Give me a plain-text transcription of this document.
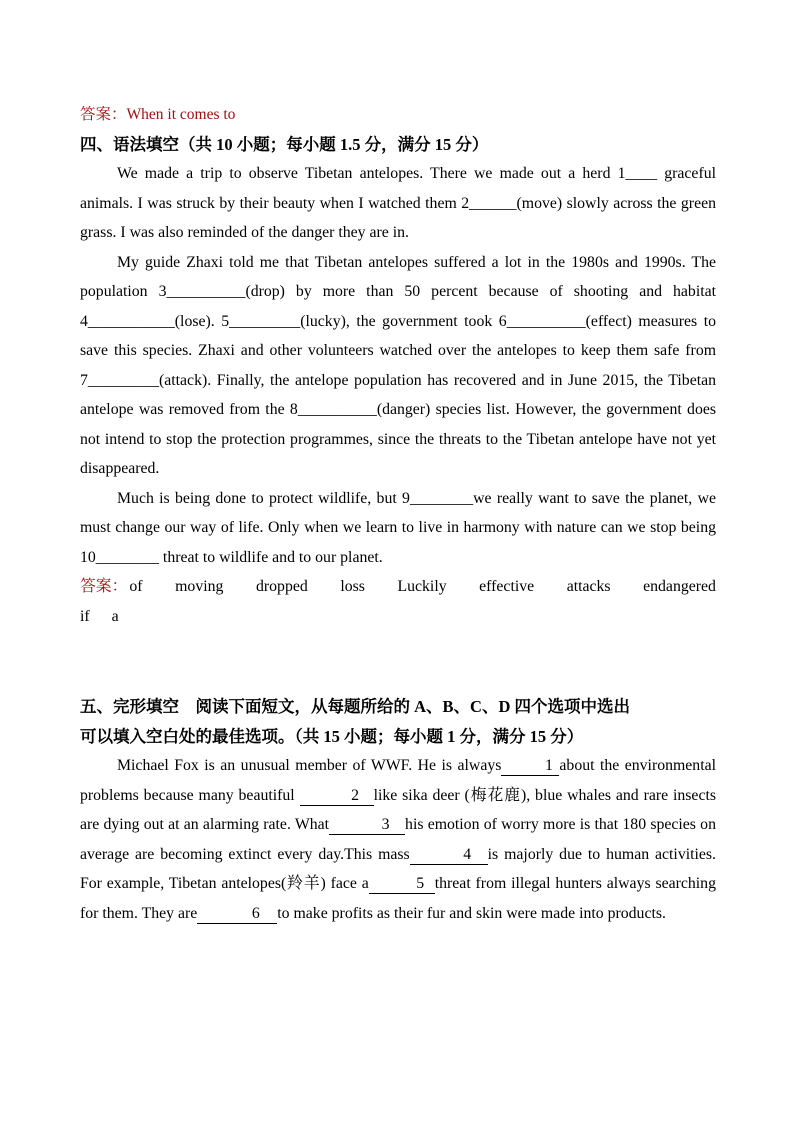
答案：When it comes to
四、语法填空（共 10 小题；每小题 1.5 分，满分 15 分）

We made a trip to observe Tibetan antelopes. There we made out a herd 1____ graceful animals. I was struck by their beauty when I watched them 2______(move) slowly across the green grass. I was also reminded of the danger they are in.

My guide Zhaxi told me that Tibetan antelopes suffered a lot in the 1980s and 1990s. The population 3__________(drop) by more than 50 percent because of shooting and habitat 4___________(lose). 5_________(lucky), the government took 6__________(effect) measures to save this species. Zhaxi and other volunteers watched over the antelopes to keep them safe from 7_________(attack). Finally, the antelope population has recovered and in June 2015, the Tibetan antelope was removed from the 8__________(danger) species list. However, the government does not intend to stop the protection programmes, since the threats to the Tibetan antelope have not yet disappeared.

Much is being done to protect wildlife, but 9________we really want to save the planet, we must change our way of life. Only when we learn to live in harmony with nature can we stop being 10________ threat to wildlife and to our planet.

答案： of moving dropped loss Luckily effective attacks endangered
if a
五、完形填空　阅读下面短文，从每题所给的 A、B、C、D 四个选项中选出
可以填入空白处的最佳选项。（共 15 小题；每小题 1 分，满分 15 分）

Michael Fox is an unusual member of WWF. He is always	1 about the environmental problems because many beautiful	2 like sika deer (梅花鹿), blue whales and rare insects are dying out at an alarming rate. What	3 his emotion of worry more is that 180 species on average are becoming extinct every day.This mass	4 is majorly due to human activities. For example, Tibetan antelopes(羚羊) face a	5 threat from illegal hunters always searching for them. They are	6 to make profits as their fur and skin were made into products.
